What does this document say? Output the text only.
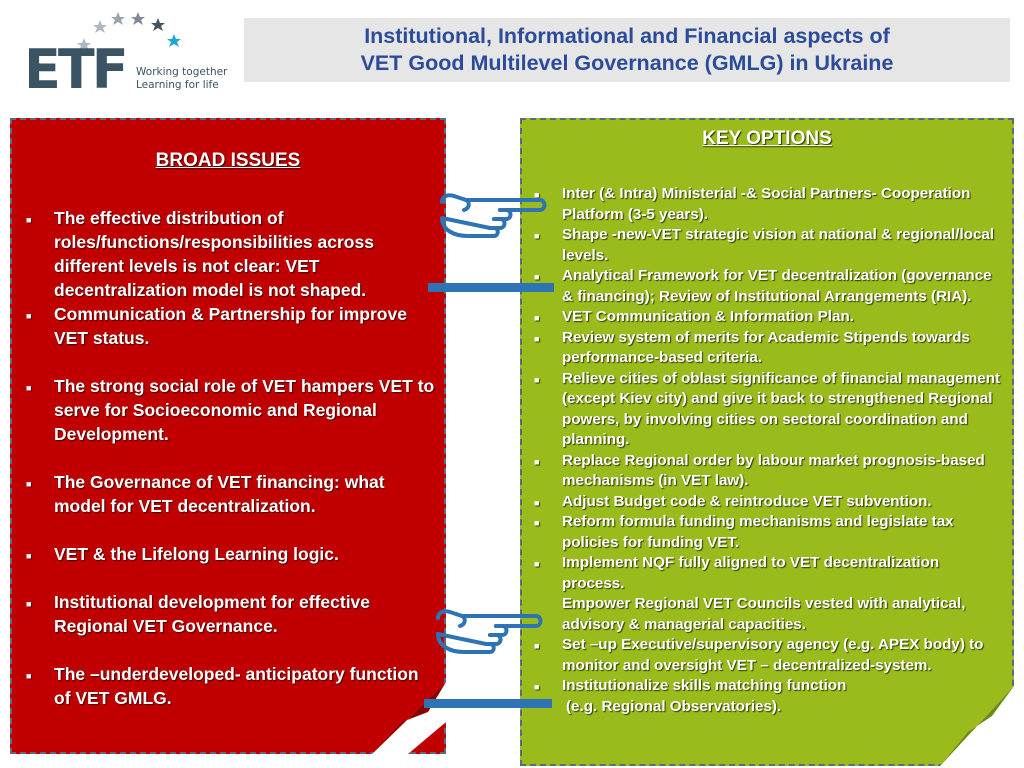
ETF Working together
Learning for life
Institutional, Informational and Financial aspects of
VET Good Multilevel Governance (GMLG) in Ukraine
BROAD ISSUES
■ The effective distribution of roles/functions/responsibilities across different levels is not clear: VET decentralization model is not shaped.
■ Communication & Partnership for improve VET status.
■ The strong social role of VET hampers VET to serve for Socioeconomic and Regional Development.
■ The Governance of VET financing: what model for VET decentralization.
■ VET & the Lifelong Learning logic.
■ Institutional development for effective Regional VET Governance.
■ The –underdeveloped- anticipatory function of VET GMLG.
KEY OPTIONS
■ Inter (& Intra) Ministerial -& Social Partners- Cooperation Platform (3-5 years).
■ Shape -new-VET strategic vision at national & regional/local levels.
■ Analytical Framework for VET decentralization (governance & financing); Review of Institutional Arrangements (RIA).
■ VET Communication & Information Plan.
■ Review system of merits for Academic Stipends towards performance-based criteria.
■ Relieve cities of oblast significance of financial management (except Kiev city) and give it back to strengthened Regional powers, by involving cities on sectoral coordination and planning.
■ Replace Regional order by labour market prognosis-based mechanisms (in VET law).
■ Adjust Budget code & reintroduce VET subvention.
■ Reform formula funding mechanisms and legislate tax policies for funding VET.
■ Implement NQF fully aligned to VET decentralization process.
Empower Regional VET Councils vested with analytical, advisory & managerial capacities.
■ Set –up Executive/supervisory agency (e.g. APEX body) to monitor and oversight VET – decentralized-system.
■ Institutionalize skills matching function
(e.g. Regional Observatories).
